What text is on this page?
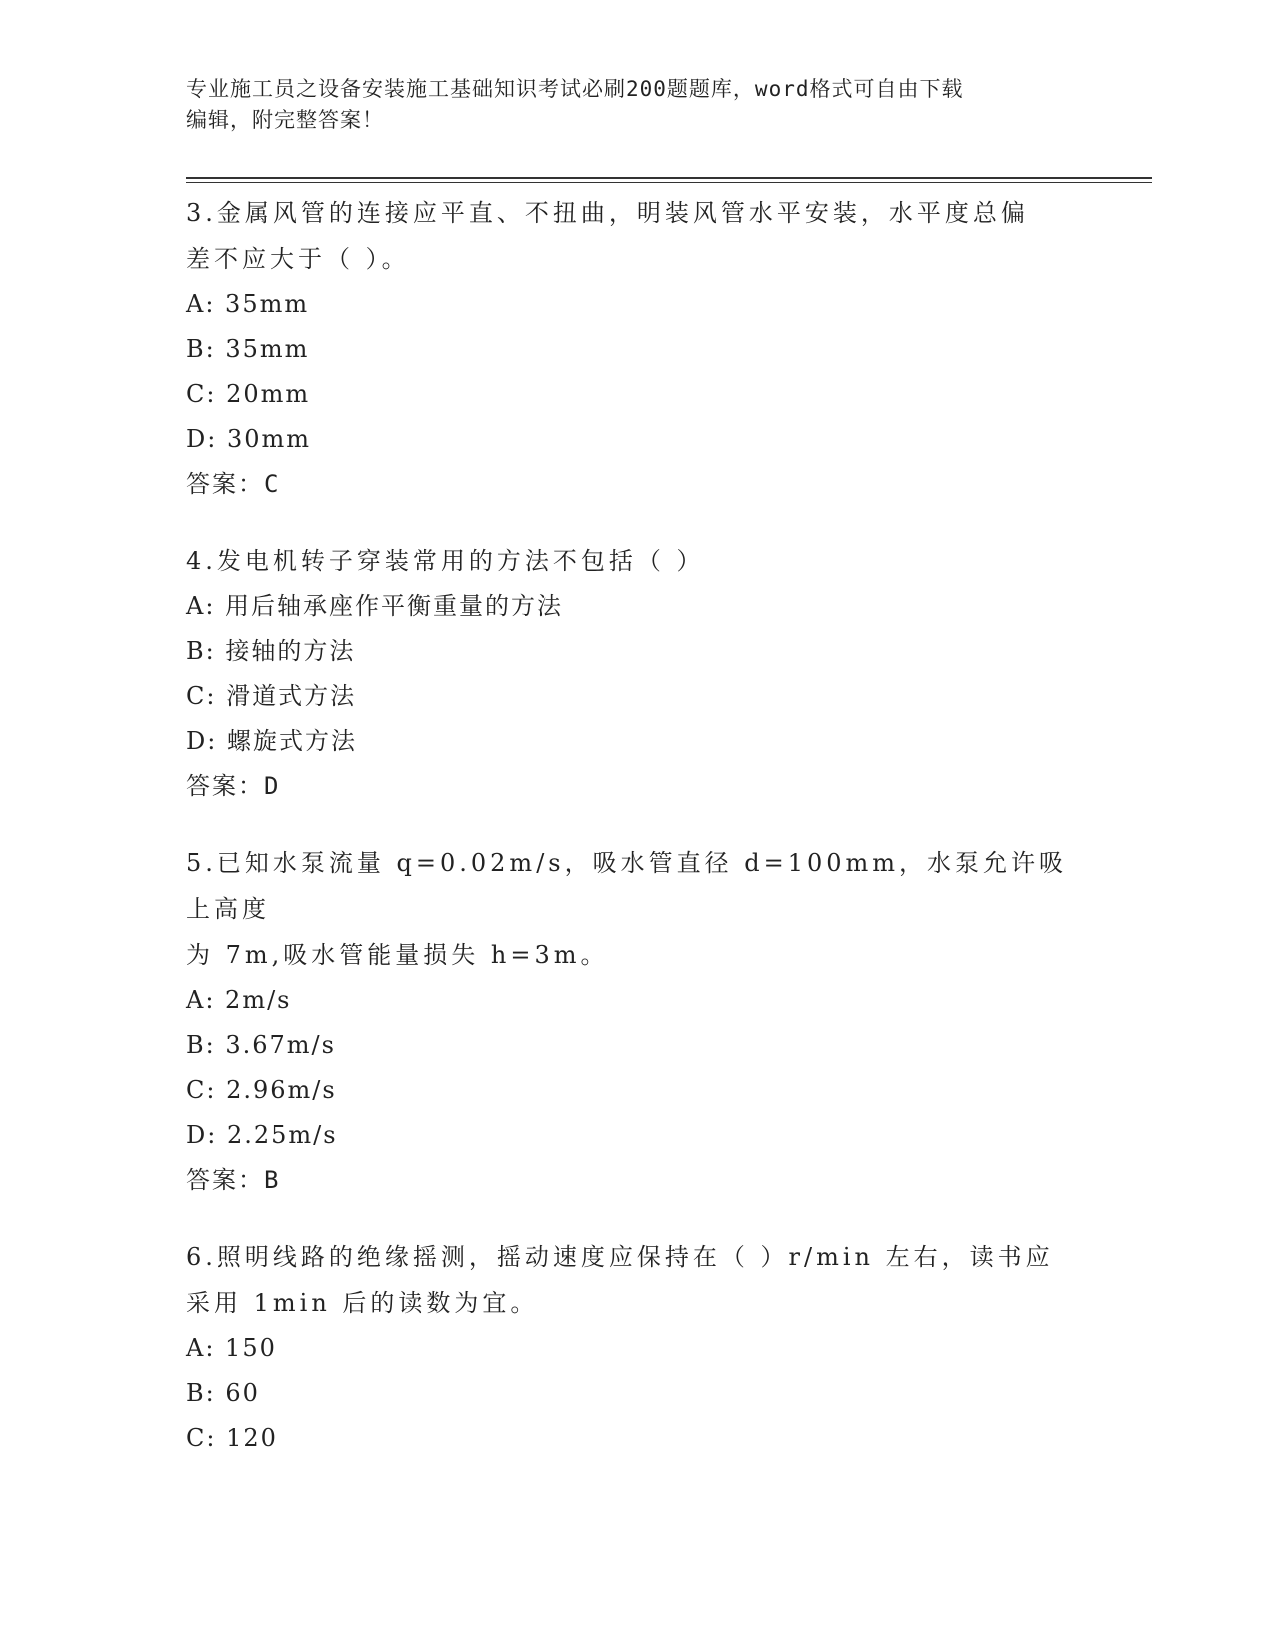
专业施工员之设备安装施工基础知识考试必刷200题题库，word格式可自由下载
编辑，附完整答案！
3.金属风管的连接应平直、不扭曲，明装风管水平安装，水平度总偏
差不应大于（ ）。
A: 35mm
B: 35mm
C: 20mm
D: 30mm
答案：C
4.发电机转子穿装常用的方法不包括（ ）
A: 用后轴承座作平衡重量的方法
B: 接轴的方法
C: 滑道式方法
D: 螺旋式方法
答案：D
5.已知水泵流量 q=0.02m/s，吸水管直径 d=100mm，水泵允许吸上高度
为 7m,吸水管能量损失 h=3m。
A: 2m/s
B: 3.67m/s
C: 2.96m/s
D: 2.25m/s
答案：B
6.照明线路的绝缘摇测，摇动速度应保持在（ ）r/min 左右，读书应
采用 1min 后的读数为宜。
A: 150
B: 60
C: 120
